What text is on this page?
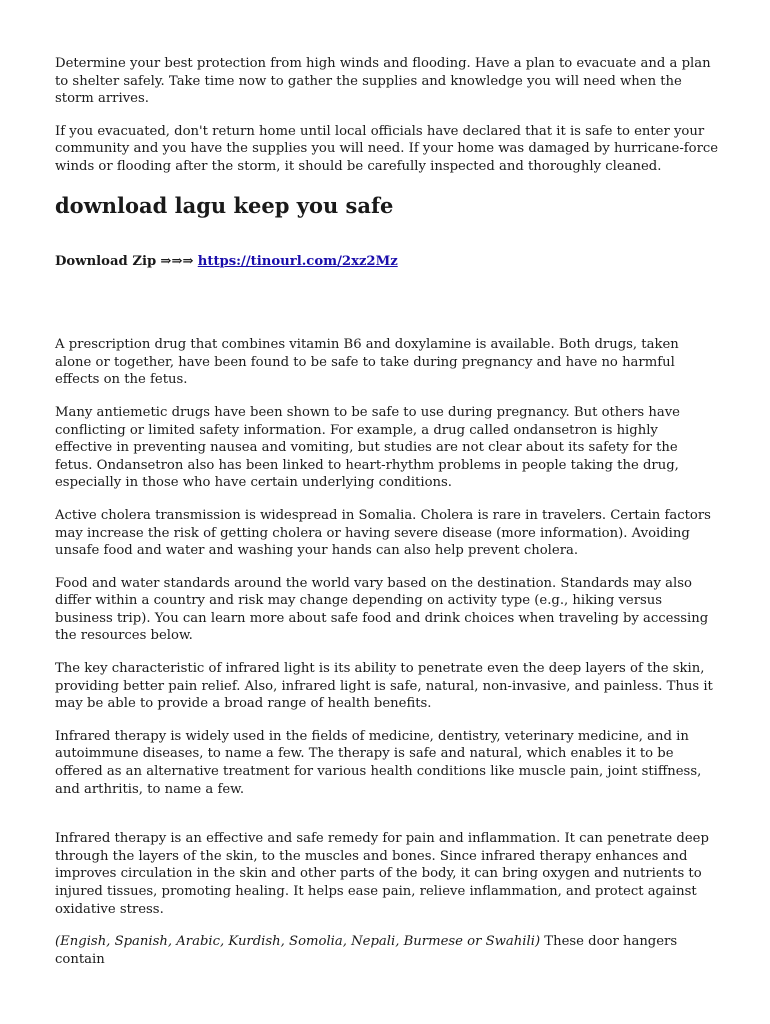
Determine your best protection from high winds and flooding. Have a plan to evacuate and a plan to shelter safely. Take time now to gather the supplies and knowledge you will need when the storm arrives.

If you evacuated, don't return home until local officials have declared that it is safe to enter your community and you have the supplies you will need. If your home was damaged by hurricane-force winds or flooding after the storm, it should be carefully inspected and thoroughly cleaned.

download lagu keep you safe
Download Zip ⇒⇒⇒ https://tinourl.com/2xz2Mz

A prescription drug that combines vitamin B6 and doxylamine is available. Both drugs, taken alone or together, have been found to be safe to take during pregnancy and have no harmful effects on the fetus.

Many antiemetic drugs have been shown to be safe to use during pregnancy. But others have conflicting or limited safety information. For example, a drug called ondansetron is highly effective in preventing nausea and vomiting, but studies are not clear about its safety for the fetus. Ondansetron also has been linked to heart-rhythm problems in people taking the drug, especially in those who have certain underlying conditions.

Active cholera transmission is widespread in Somalia. Cholera is rare in travelers. Certain factors may increase the risk of getting cholera or having severe disease (more information). Avoiding unsafe food and water and washing your hands can also help prevent cholera.

Food and water standards around the world vary based on the destination. Standards may also differ within a country and risk may change depending on activity type (e.g., hiking versus business trip). You can learn more about safe food and drink choices when traveling by accessing the resources below.

The key characteristic of infrared light is its ability to penetrate even the deep layers of the skin, providing better pain relief. Also, infrared light is safe, natural, non-invasive, and painless. Thus it may be able to provide a broad range of health benefits.

Infrared therapy is widely used in the fields of medicine, dentistry, veterinary medicine, and in autoimmune diseases, to name a few. The therapy is safe and natural, which enables it to be offered as an alternative treatment for various health conditions like muscle pain, joint stiffness, and arthritis, to name a few.

Infrared therapy is an effective and safe remedy for pain and inflammation. It can penetrate deep through the layers of the skin, to the muscles and bones. Since infrared therapy enhances and improves circulation in the skin and other parts of the body, it can bring oxygen and nutrients to injured tissues, promoting healing. It helps ease pain, relieve inflammation, and protect against oxidative stress.

(Engish, Spanish, Arabic, Kurdish, Somolia, Nepali, Burmese or Swahili) These door hangers contain
